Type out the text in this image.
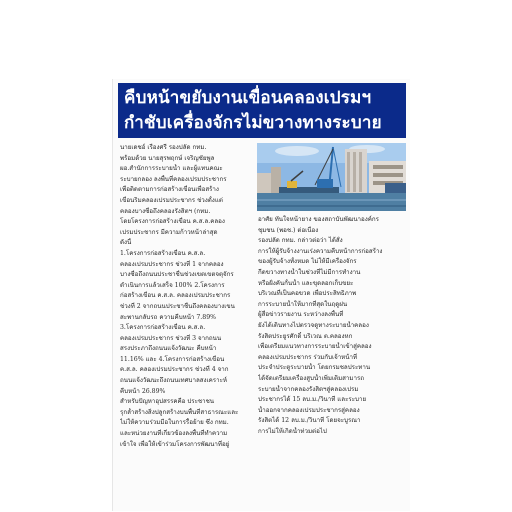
คืบหน้าขยับงานเขื่อนคลองเปรมฯ
กำชับเครื่องจักรไม่ขวางทางระบาย

นายเดชอ์ เรืองศรี รองปลัด กทม.

พร้อมด้วย นายสุรพฤกษ์ เจริญชัยพูล

ผอ.สำนักการระบายน้ำ และผู้แทนคณะ

ระบายกลอง ลงพื้นที่คลองเปรมประชากร

เพื่อติดตามการก่อสร้างเขื่อนเพื่อสร้าง

เขื่อนริมคลองเปรมประชากร ช่วงตั้งแต่

คลองบางซื่อถึงคลองรังสิตฯ (กทม.

โดยโครงการก่อสร้างเขื่อน ค.ส.ล.คลอง

เปรมประชากร มีความก้าวหน้าล่าสุด

ดังนี้

1.โครงการก่อสร้างเขื่อน ค.ส.ล.

คลองเปรมประชากร ช่วงที่ 1 จากคลอง

บางซื่อถึงถนนประชาชื่นช่วงเขตเขตจตุจักร

ดำเนินการแล้วเสร็จ 100% 2.โครงการ

ก่อสร้างเขื่อน ค.ส.ล. คลองเปรมประชากร

ช่วงที่ 2 จากถนนประชาชื่นถึงคลองบางเขน

สะพานกลับรถ ความคืบหน้า 7.89%

3.โครงการก่อสร้างเขื่อน ค.ส.ล.

คลองเปรมประชากร ช่วงที่ 3 จากถนน

สรงประภาถึงถนนแจ้งวัฒนะ คืบหน้า

11.16% และ 4.โครงการก่อสร้างเขื่อน

ค.ส.ล. คลองเปรมประชากร ช่วงที่ 4 จาก

ถนนแจ้งวัฒนะถึงถนนเทศบาลสงเคราะห์

คืบหน้า 26.89%

สำหรับปัญหาอุปสรรคคือ ประชาชน

รุกล้ำสร้างสิ่งปลูกสร้างบนพื้นที่สาธารณะและ

ไม่ให้ความร่วมมือในการรื้อย้าย ซึ่ง กทม.

และหน่วยงานที่เกี่ยวข้องลงพื้นที่ทำความ

เข้าใจ เพื่อให้เข้าร่วมโครงการพัฒนาที่อยู่

อาศัย ทันใจหน้ายาง ของสถาบันพัฒนาองค์กร

ชุมชน (พอช.) ต่อเนื่อง

รองปลัด กทม. กล่าวต่อว่า ได้สั่ง

การให้ผู้รับจ้างงานเร่งความคืบหน้าการก่อสร้าง

ของผู้รับจ้างทั้งหมด ไม่ให้มีเครื่องจักร

กีดขวางทางน้ำในช่วงที่ไม่มีการทำงาน

หรือฝั่งคันกั้นน้ำ และขุดลอกเก็บขยะ

บริเวณที่เป็นคอขวด เพื่อประสิทธิภาพ

การระบายน้ำให้มากที่สุดในฤดูฝน

ผู้สื่อข่าวรายงาน ระหว่างลงพื้นที่

ยังได้เดินทางไปตรวจดูทางระบายน้ำคลอง

รังสิตประยูรศักดิ์ บริเวณ ต.คลองหก

เพื่อเตรียมแนวทางการระบายน้ำเข้าสู่คลอง

คลองเปรมประชากร ร่วมกับเจ้าหน้าที่

ประจำประตูระบายน้ำ โดยกรมชลประทาน

ได้จัดเตรียมเครื่องสูบน้ำเพิ่มเติมสามารถ

ระบายน้ำจากคลองรังสิตฯสู่คลองเปรม

ประชากรได้ 15 ลบ.ม./วินาที และระบาย

น้ำออกจากคลองเปรมประชากรสู่คลอง

รังสิตได้ 12 ลบ.ม./วินาที โดยจะบูรณา

การไม่ให้เกิดน้ำท่วมต่อไป
